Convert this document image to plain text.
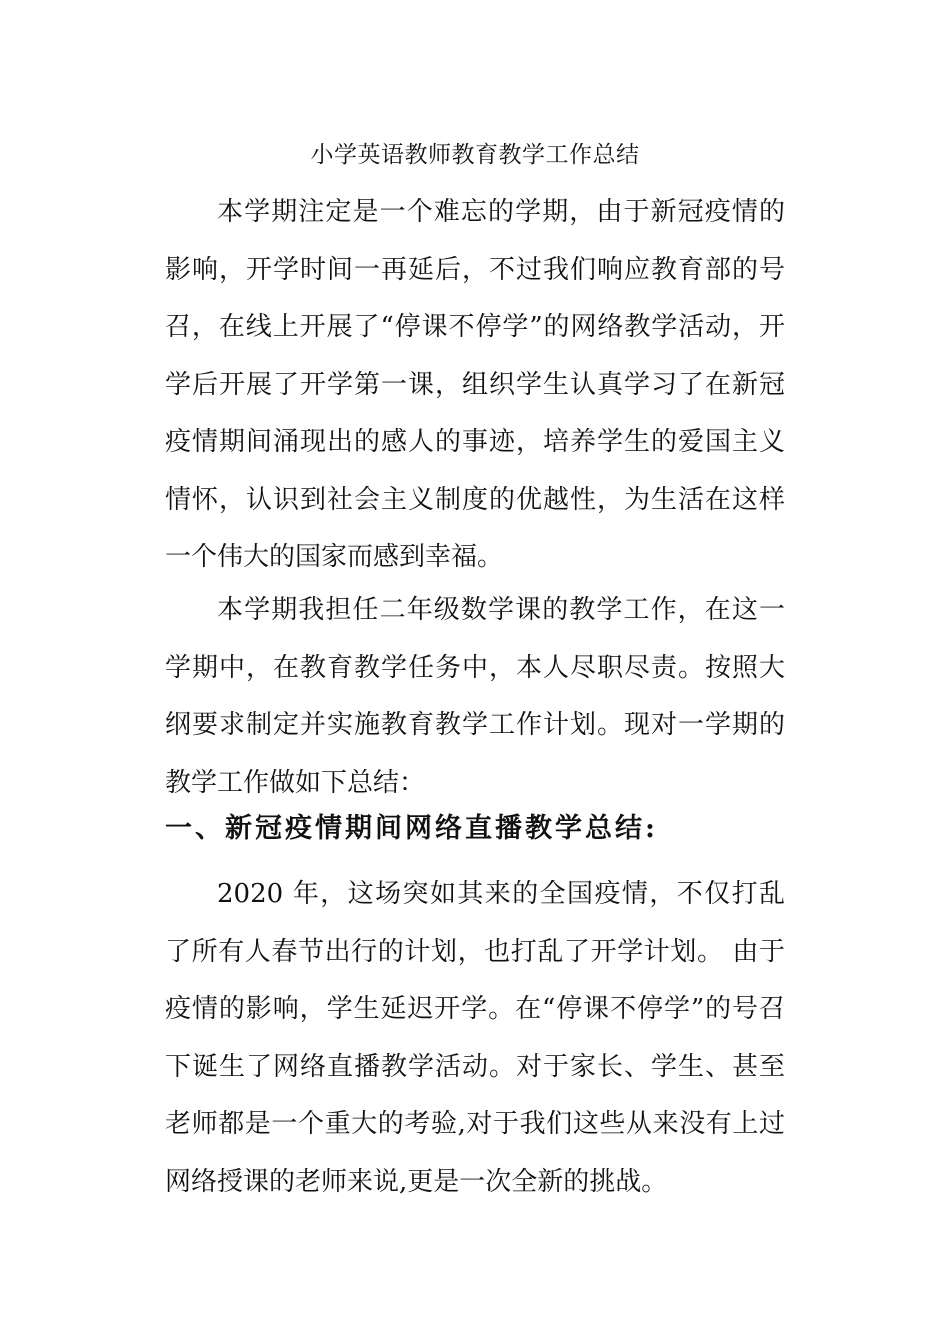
小学英语教师教育教学工作总结

本学期注定是一个难忘的学期，由于新冠疫情的影响，开学时间一再延后，不过我们响应教育部的号召，在线上开展了“停课不停学”的网络教学活动，开学后开展了开学第一课，组织学生认真学习了在新冠疫情期间涌现出的感人的事迹，培养学生的爱国主义情怀，认识到社会主义制度的优越性，为生活在这样一个伟大的国家而感到幸福。

本学期我担任二年级数学课的教学工作，在这一学期中，在教育教学任务中，本人尽职尽责。按照大纲要求制定并实施教育教学工作计划。现对一学期的教学工作做如下总结：

一、新冠疫情期间网络直播教学总结:

2020 年，这场突如其来的全国疫情，不仅打乱了所有人春节出行的计划，也打乱了开学计划。 由于疫情的影响，学生延迟开学。在“停课不停学”的号召下诞生了网络直播教学活动。对于家长、学生、甚至老师都是一个重大的考验,对于我们这些从来没有上过网络授课的老师来说,更是一次全新的挑战。
